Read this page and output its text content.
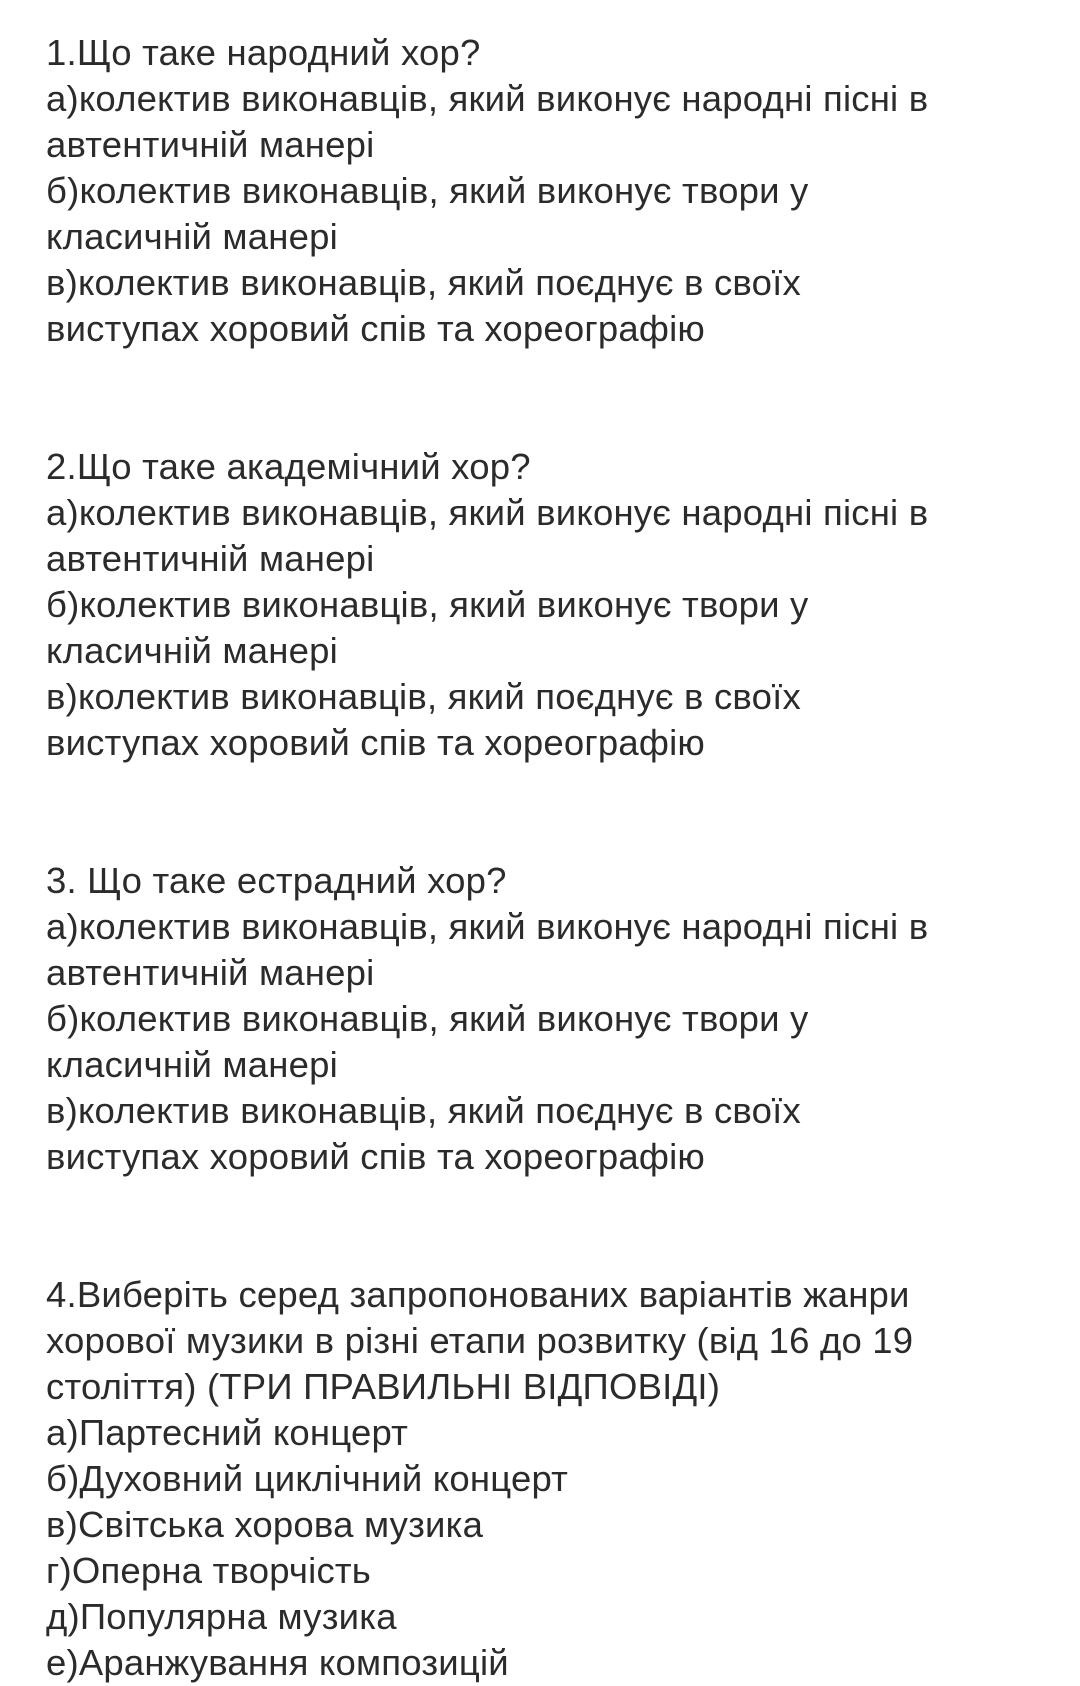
1.Що таке народний хор?
а)колектив виконавців, який виконує народні пісні в
автентичній манері
б)колектив виконавців, який виконує твори у
класичній манері
в)колектив виконавців, який поєднує в своїх
виступах хоровий спів та хореографію
2.Що таке академічний хор?
а)колектив виконавців, який виконує народні пісні в
автентичній манері
б)колектив виконавців, який виконує твори у
класичній манері
в)колектив виконавців, який поєднує в своїх
виступах хоровий спів та хореографію
3. Що таке естрадний хор?
а)колектив виконавців, який виконує народні пісні в
автентичній манері
б)колектив виконавців, який виконує твори у
класичній манері
в)колектив виконавців, який поєднує в своїх
виступах хоровий спів та хореографію
4.Виберіть серед запропонованих варіантів жанри
хорової музики в різні етапи розвитку (від 16 до 19
століття) (ТРИ ПРАВИЛЬНІ ВІДПОВІДІ)
а)Партесний концерт
б)Духовний циклічний концерт
в)Світська хорова музика
г)Оперна творчість
д)Популярна музика
е)Аранжування композицій
